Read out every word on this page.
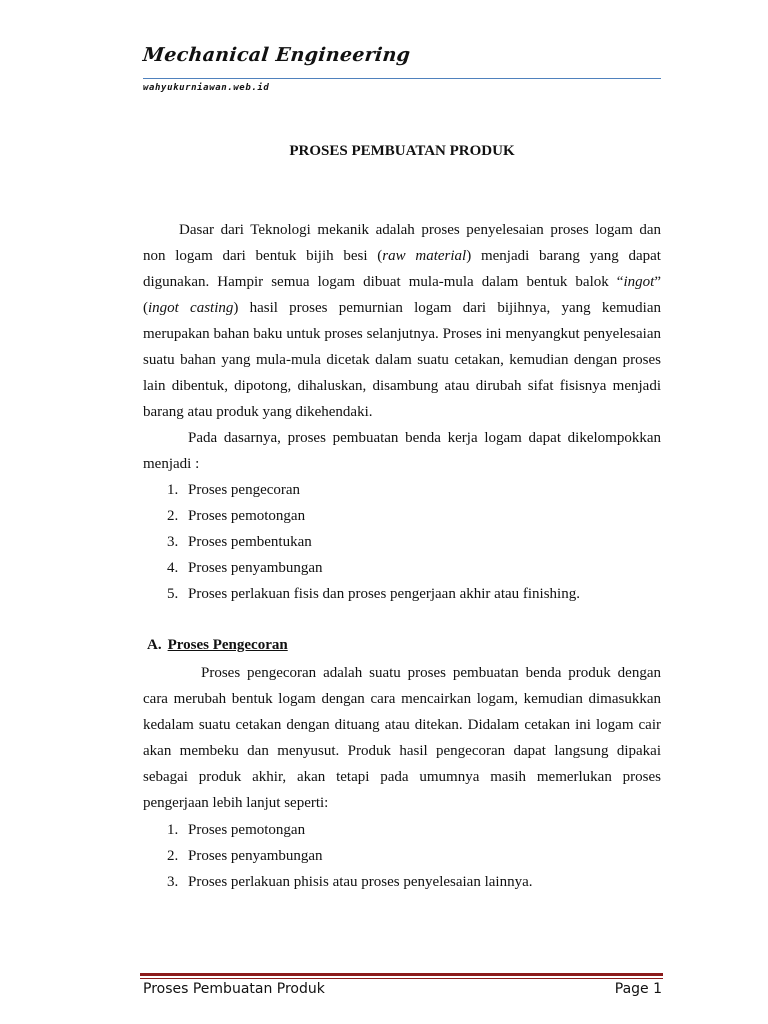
Mechanical Engineering
wahyukurniawan.web.id
PROSES PEMBUATAN PRODUK

Dasar dari Teknologi mekanik adalah proses penyelesaian proses logam dan non logam dari bentuk bijih besi (raw material) menjadi barang yang dapat digunakan. Hampir semua logam dibuat mula-mula dalam bentuk balok “ingot” (ingot casting) hasil proses pemurnian logam dari bijihnya, yang kemudian merupakan bahan baku untuk proses selanjutnya. Proses ini menyangkut penyelesaian suatu bahan yang mula-mula dicetak dalam suatu cetakan, kemudian dengan proses lain dibentuk, dipotong, dihaluskan, disambung atau dirubah sifat fisisnya menjadi barang atau produk yang dikehendaki.

Pada dasarnya, proses pembuatan benda kerja logam dapat dikelompokkan menjadi :

1. Proses pengecoran
2. Proses pemotongan
3. Proses pembentukan
4. Proses penyambungan
5. Proses perlakuan fisis dan proses pengerjaan akhir atau finishing.
A. Proses Pengecoran

Proses pengecoran adalah suatu proses pembuatan benda produk dengan cara merubah bentuk logam dengan cara mencairkan logam, kemudian dimasukkan kedalam suatu cetakan dengan dituang atau ditekan. Didalam cetakan ini logam cair akan membeku dan menyusut. Produk hasil pengecoran dapat langsung dipakai sebagai produk akhir, akan tetapi pada umumnya masih memerlukan proses pengerjaan lebih lanjut seperti:

1. Proses pemotongan
2. Proses penyambungan
3. Proses perlakuan phisis atau proses penyelesaian lainnya.
Proses Pembuatan Produk	Page 1
